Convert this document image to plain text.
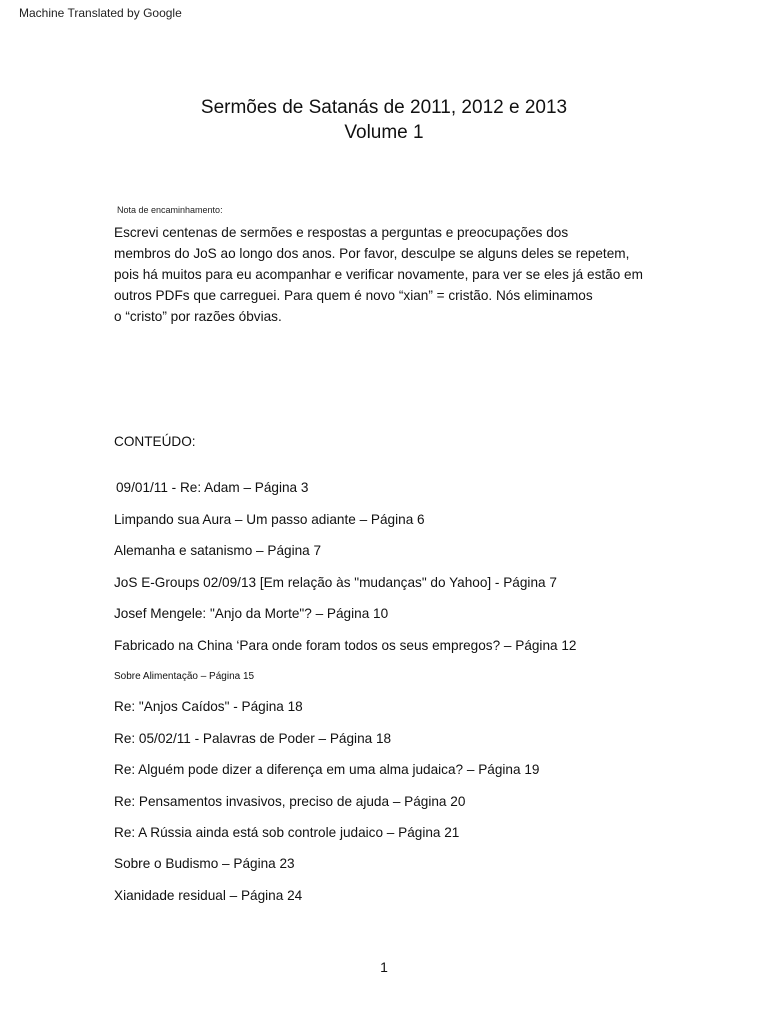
Machine Translated by Google
Sermões de Satanás de 2011, 2012 e 2013
Volume 1
Nota de encaminhamento:
Escrevi centenas de sermões e respostas a perguntas e preocupações dos
membros do JoS ao longo dos anos. Por favor, desculpe se alguns deles se repetem,
pois há muitos para eu acompanhar e verificar novamente, para ver se eles já estão em
outros PDFs que carreguei. Para quem é novo “xian” = cristão. Nós eliminamos
o “cristo” por razões óbvias.
CONTEÚDO:
09/01/11 - Re: Adam – Página 3
Limpando sua Aura – Um passo adiante – Página 6
Alemanha e satanismo – Página 7
JoS E-Groups 02/09/13 [Em relação às "mudanças" do Yahoo] - Página 7
Josef Mengele: "Anjo da Morte"? – Página 10
Fabricado na China ‘Para onde foram todos os seus empregos? – Página 12
Sobre Alimentação – Página 15
Re: "Anjos Caídos" - Página 18
Re: 05/02/11 - Palavras de Poder – Página 18
Re: Alguém pode dizer a diferença em uma alma judaica? – Página 19
Re: Pensamentos invasivos, preciso de ajuda – Página 20
Re: A Rússia ainda está sob controle judaico – Página 21
Sobre o Budismo – Página 23
Xianidade residual – Página 24
1
